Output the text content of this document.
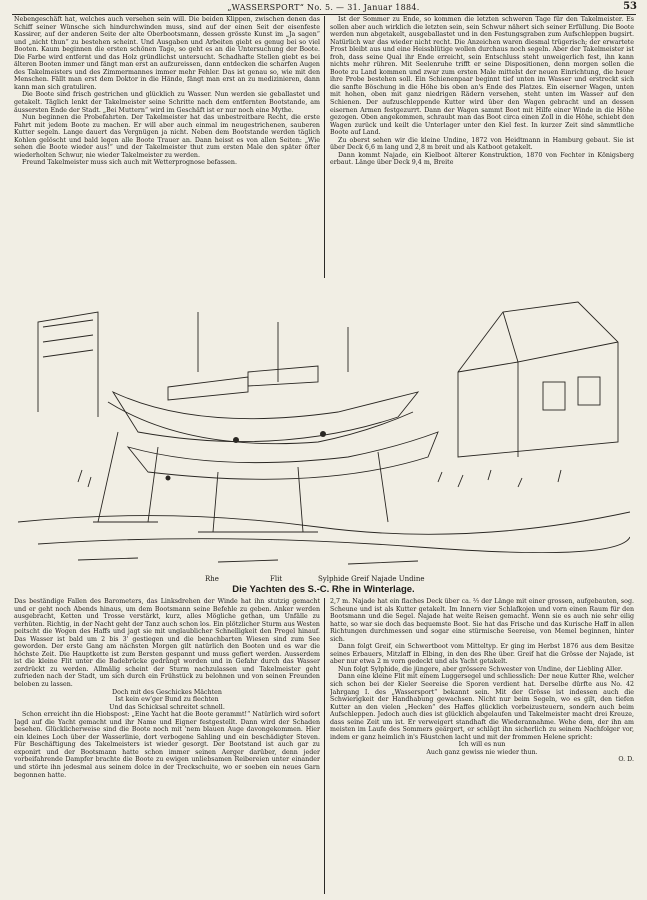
„WASSERSPORT“ No. 5. — 31. Januar 1884.	53

Nebengeschäft hat, welches auch versehen sein will. Die beiden Klippen, zwischen denen das Schiff seiner Wünsche sich hindurchwinden muss, sind auf der einen Seit der eisenfeste Kassirer, auf der anderen Seite der alte Oberbootsmann, dessen grösste Kunst im „Ja sagen“ und „nicht thun“ zu bestehen scheint. Und Ausgaben und Arbeiten giebt es genug bei so viel Booten. Kaum beginnen die ersten schönen Tage, so geht es an die Untersuchung der Boote. Die Farbe wird entfernt und das Holz gründlichst untersucht. Schadhafte Stellen giebt es bei älteren Booten immer und fängt man erst an aufzureissen, dann entdecken die scharfen Augen des Takelmeisters und des Zimmermannes immer mehr Fehler. Das ist genau so, wie mit den Menschen. Fällt man erst dem Doktor in die Hände, fängt man erst an zu medizinieren, dann kann man sich gratuliren.

Die Boote sind frisch gestrichen und glücklich zu Wasser. Nun werden sie geballastet und getakelt. Täglich lenkt der Takelmeister seine Schritte nach dem entfernten Bootstande, am äussersten Ende der Stadt. „Bei Muttern“ wird im Geschäft ist er nur noch eine Mythe.

Nun beginnen die Probefahrten. Der Takelmeister hat das unbestreitbare Recht, die erste Fahrt mit jedem Boote zu machen. Er will aber auch einmal im neugestrichenen, sauberen Kutter segeln. Lange dauert das Vergnügen ja nicht. Neben dem Bootstande werden täglich Kohlen gelöscht und bald legen alle Boote Trauer an. Dann heisst es von allen Seiten: „Wie sehen die Boote wieder aus!“ und der Takelmeister thut zum ersten Male den später öfter wiederholten Schwur, nie wieder Takelmeister zu werden.

Freund Takelmeister muss sich auch mit Wetterprognose befassen.

Ist der Sommer zu Ende, so kommen die letzten schweren Tage für den Takelmeister. Es sollen aber auch wirklich die letzten sein, sein Schwur nähert sich seiner Erfüllung. Die Boote werden nun abgetakelt, ausgeballastet und in den Festungsgraben zum Aufschleppen bugsirt. Natürlich war das wieder nicht recht. Die Anzeichen waren diesmal trügerisch; der erwartete Frost bleibt aus und eine Heissblütige wollen durchaus noch segeln. Aber der Takelmeister ist froh, dass seine Qual ihr Ende erreicht, sein Entschluss steht unweigerlich fest, ihn kann nichts mehr rühren. Mit Seelenruhe trifft er seine Dispositionen, denn morgen sollen die Boote zu Land kommen und zwar zum ersten Male mittelst der neuen Einrichtung, die heuer ihre Probe bestehen soll. Ein Schienenpaar beginnt tief unten im Wasser und erstreckt sich die sanfte Böschung in die Höhe bis oben an's Ende des Platzes. Ein eiserner Wagen, unten mit hohen, oben mit ganz niedrigen Rädern versehen, steht unten im Wasser auf den Schienen. Der aufzuschleppende Kutter wird über den Wagen gebracht und an dessen eisernen Armen festgezurrt. Dann der Wagen sammt Boot mit Hilfe einer Winde in die Höhe gezogen. Oben angekommen, schraubt man das Boot circa einen Zoll in die Höhe, schiebt den Wagen zurück und keilt die Unterlager unter den Kiel fest. In kurzer Zeit sind sämmtliche Boote auf Land.

Zu oberst sehen wir die kleine Undine, 1872 von Heidtmann in Hamburg gebaut. Sie ist über Deck 6,6 m lang und 2,8 m breit und als Katboot getakelt.

Dann kommt Najade, ein Kielboot älterer Konstruktion, 1870 von Fechter in Königsberg erbaut. Länge über Deck 9,4 m, Breite

Rhe	Flit	Sylphide Greif Najade Undine
Die Yachten des S.-C. Rhe in Winterlage.

Das beständige Fallen des Barometers, das Linksdrehen der Winde hat ihn stutzig gemacht und er geht noch Abends hinaus, um dem Bootsmann seine Befehle zu geben. Anker werden ausgebracht, Ketten und Trosse verstärkt, kurz, alles Mögliche gethan, um Unfälle zu verhüten. Richtig, in der Nacht geht der Tanz auch schon los. Ein plötzlicher Sturm aus Westen peitscht die Wogen des Haffs und jagt sie mit unglaublicher Schnelligkeit den Pregel hinauf. Das Wasser ist bald um 2 bis 3' gestiegen und die benachbarten Wiesen sind zum See geworden. Der erste Gang am nächsten Morgen gilt natürlich den Booten und es war die höchste Zeit. Die Hauptkette ist zum Bersten gespannt und muss gefiert werden. Ausserdem ist die kleine Flit unter die Badebrücke gedrängt worden und in Gefahr durch das Wasser zerdrückt zu werden. Allmälig scheint der Sturm nachzulassen und Takelmeister geht zufrieden nach der Stadt, um sich durch ein Frühstück zu belohnen und von seinen Freunden beloben zu lassen.

Doch mit des Geschickes Mächten

Ist kein ew'ger Bund zu flechten

Und das Schicksal schreitet schnell.

Schon erreicht ihn die Hiobspost: „Eine Yacht hat die Boote gerammt!“ Natürlich wird sofort Jagd auf die Yacht gemacht und ihr Name und Eigner festgestellt. Dann wird der Schaden besehen. Glücklicherweise sind die Boote noch mit 'nem blauen Auge davongekommen. Hier ein kleines Loch über der Wasserlinie, dort verbogene Sahling und ein beschädigter Steven. Für Beschäftigung des Takelmeisters ist wieder gesorgt. Der Bootstand ist auch gar zu exponirt und der Bootsmann hatte schon immer seinen Aerger darüber, denn jeder vorbeifahrende Dampfer brachte die Boote zu ewigen unliebsamen Reibereien unter einander und störte ihn jedesmal aus seinem dolce in der Treckschuite, wo er soeben ein neues Garn begonnen hatte.

2,7 m. Najade hat ein flaches Deck über ca. ⅔ der Länge mit einer grossen, aufgebauten, sog. Scheune und ist als Kutter getakelt. Im Innern vier Schlafkojen und vorn einen Raum für den Bootsmann und die Segel. Najade hat weite Reisen gemacht. Wenn sie es auch nie sehr eilig hatte, so war sie doch das bequemste Boot. Sie hat das Frische und das Kurische Haff in allen Richtungen durchmessen und sogar eine stürmische Seereise, von Memel beginnen, hinter sich.

Dann folgt Greif, ein Schwertboot vom Mitteltyp. Er ging im Herbst 1876 aus dem Besitze seines Erbauers, Mitzlaff in Elbing, in den des Rhe über. Greif hat die Grösse der Najade, ist aber nur etwa 2 m vorn gedeckt und als Yacht getakelt.

Nun folgt Sylphide, die jüngere, aber grössere Schwester von Undine, der Liebling Aller.

Dann eine kleine Flit mit einem Luggersegel und schliesslich: Der neue Kutter Rhe, welcher sich schon bei der Kieler Seereise die Sporen verdient hat. Derselbe dürfte aus No. 42 Jahrgang I. des „Wassersport“ bekannt sein. Mit der Grösse ist indessen auch die Schwierigkeit der Handhabung gewachsen. Nicht nur beim Segeln, wo es gilt, den tiefen Kutter an den vielen „Hecken“ des Haffes glücklich vorbeizusteuern, sondern auch beim Aufschleppen. Jedoch auch dies ist glücklich abgelaufen und Takelmeister macht drei Kreuze, dass seine Zeit um ist. Er verweigert standhaft die Wiederannahme. Wehe dem, der ihn am meisten im Laufe des Sommers geärgert, er schlägt ihn sicherlich zu seinem Nachfolger vor, indem er ganz heimlich in's Fäustchen lacht und mit der frommen Helene spricht:

Ich will es nun

Auch ganz gewiss nie wieder thun.

O. D.
